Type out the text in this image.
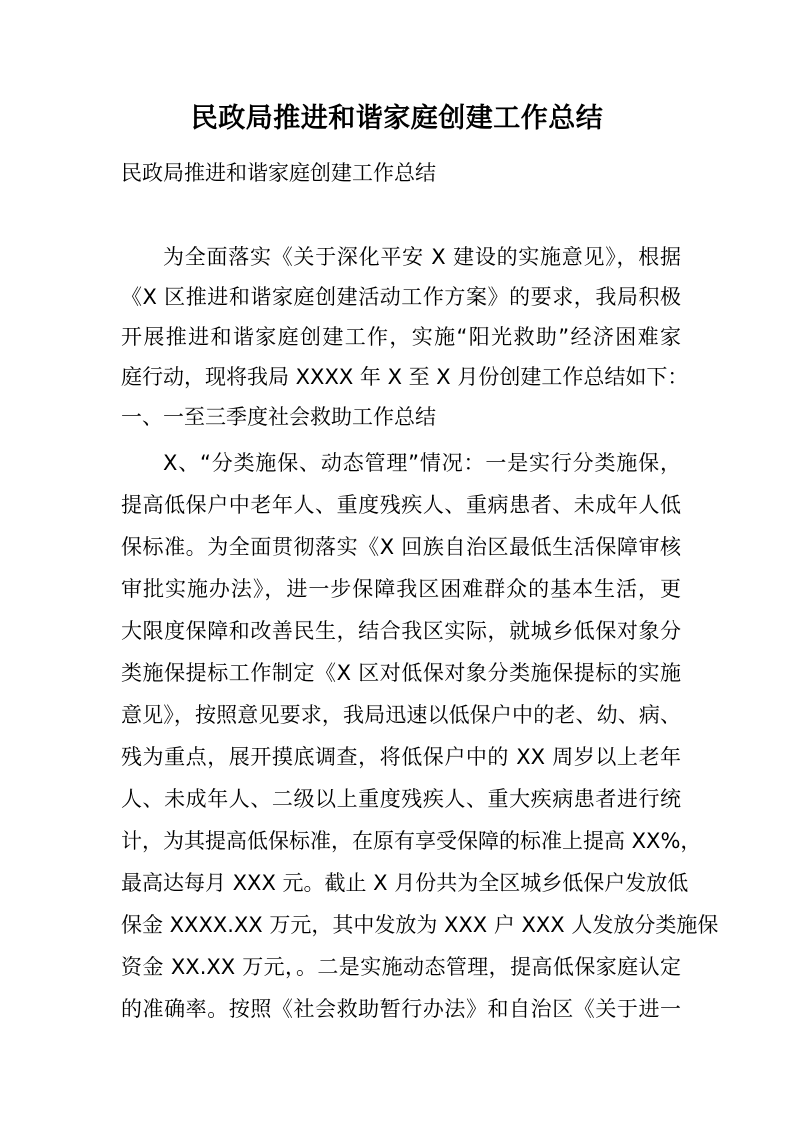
民政局推进和谐家庭创建工作总结
民政局推进和谐家庭创建工作总结
为全面落实《关于深化平安 X 建设的实施意见》，根据
《X 区推进和谐家庭创建活动工作方案》的要求，我局积极
开展推进和谐家庭创建工作，实施“阳光救助”经济困难家
庭行动，现将我局 XXXX 年 X 至 X 月份创建工作总结如下：
一、一至三季度社会救助工作总结
X、“分类施保、动态管理”情况：一是实行分类施保，
提高低保户中老年人、重度残疾人、重病患者、未成年人低
保标准。为全面贯彻落实《X 回族自治区最低生活保障审核
审批实施办法》，进一步保障我区困难群众的基本生活，更
大限度保障和改善民生，结合我区实际，就城乡低保对象分
类施保提标工作制定《X 区对低保对象分类施保提标的实施
意见》，按照意见要求，我局迅速以低保户中的老、幼、病、
残为重点，展开摸底调查，将低保户中的 XX 周岁以上老年
人、未成年人、二级以上重度残疾人、重大疾病患者进行统
计，为其提高低保标准，在原有享受保障的标准上提高 XX%，
最高达每月 XXX 元。截止 X 月份共为全区城乡低保户发放低
保金 XXXX.XX 万元，其中发放为 XXX 户 XXX 人发放分类施保
资金 XX.XX 万元，。二是实施动态管理，提高低保家庭认定
的准确率。按照《社会救助暂行办法》和自治区《关于进一
